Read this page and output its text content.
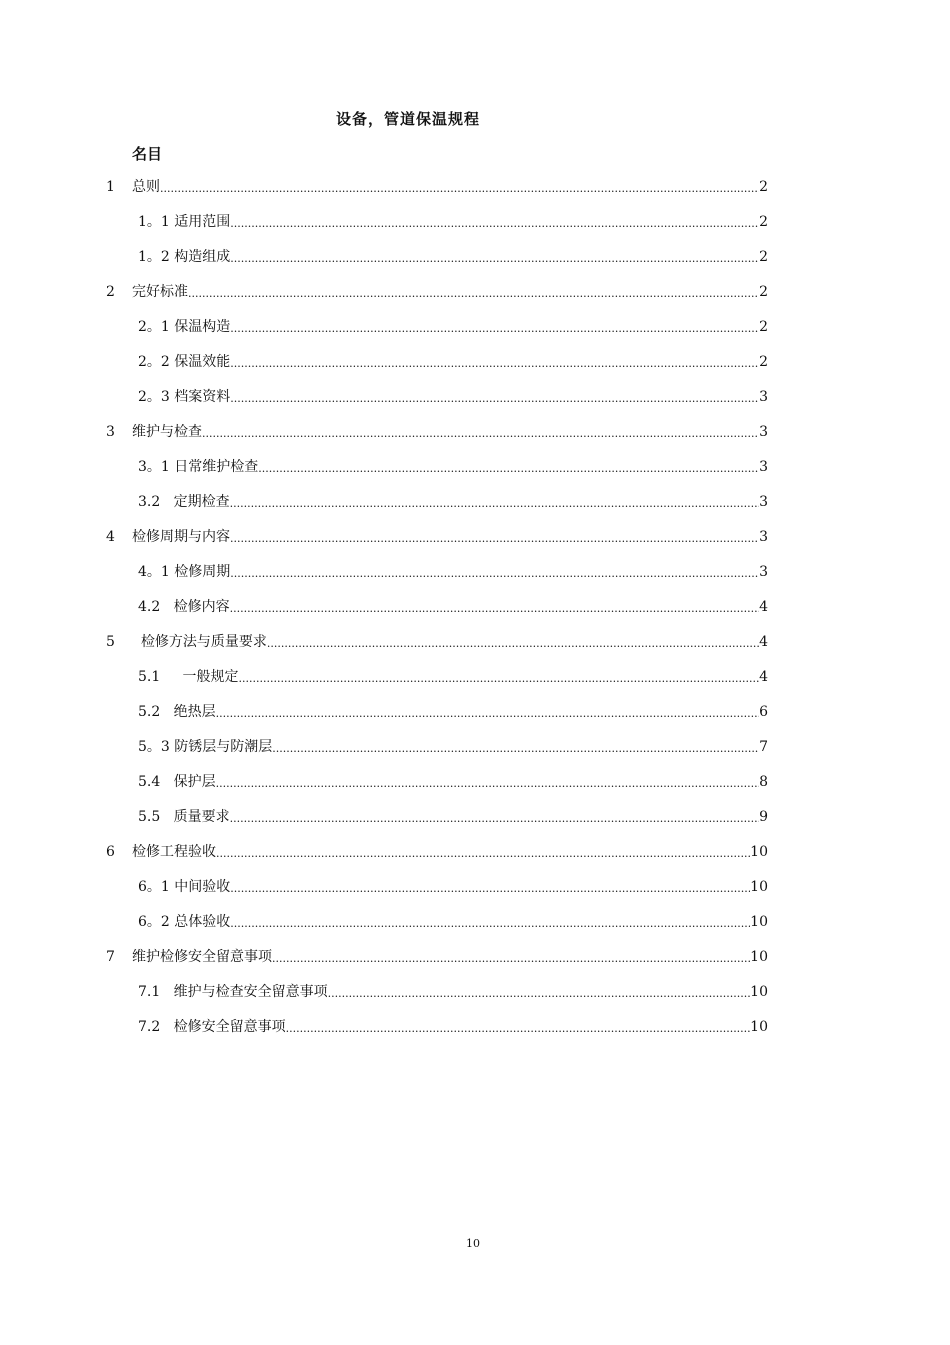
设备，管道保温规程
名目
1	总则 .....	2
1。1 适用范围 .....	2
1。2 构造组成 .....	2
2	完好标准 .....	2
2。1 保温构造 .....	2
2。2 保温效能 .....	2
2。3 档案资料 .....	3
3	维护与检查 .....	3
3。1 日常维护检查 .....	3
3.2 定期检查 .....	3
4	检修周期与内容 .....	3
4。1 检修周期 .....	3
4.2 检修内容 .....	4
5	检修方法与质量要求 .....	4
5.1 一般规定 .....	4
5.2 绝热层 .....	6
5。3 防锈层与防潮层 .....	7
5.4 保护层 .....	8
5.5 质量要求 .....	9
6	检修工程验收 .....	10
6。1 中间验收 .....	10
6。2 总体验收 .....	10
7	维护检修安全留意事项 .....	10
7.1 维护与检查安全留意事项 .....	10
7.2 检修安全留意事项 .....	10
10
